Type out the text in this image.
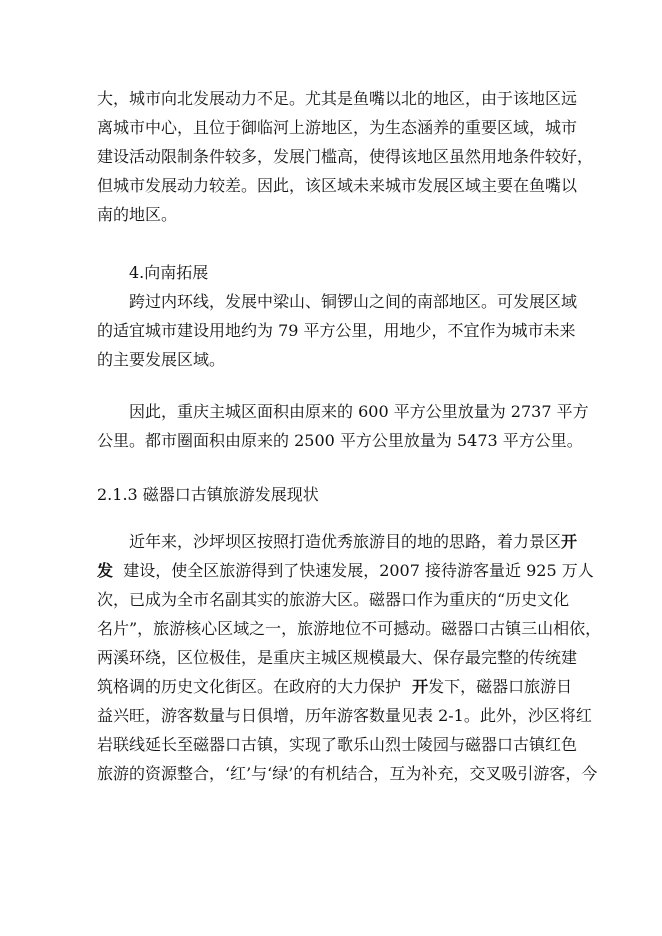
大，城市向北发展动力不足。尤其是鱼嘴以北的地区，由于该地区远
离城市中心，且位于御临河上游地区，为生态涵养的重要区域，城市
建设活动限制条件较多，发展门槛高，使得该地区虽然用地条件较好，
但城市发展动力较差。因此，该区域未来城市发展区域主要在鱼嘴以
南的地区。
4.向南拓展
跨过内环线，发展中梁山、铜锣山之间的南部地区。可发展区域
的适宜城市建设用地约为 79 平方公里，用地少，不宜作为城市未来
的主要发展区域。
因此，重庆主城区面积由原来的 600 平方公里放量为 2737 平方
公里。都市圈面积由原来的 2500 平方公里放量为 5473 平方公里。
2.1.3 磁器口古镇旅游发展现状
近年来，沙坪坝区按照打造优秀旅游目的地的思路，着力景区开
发  建设，使全区旅游得到了快速发展，2007 接待游客量近 925 万人
次，已成为全市名副其实的旅游大区。磁器口作为重庆的“历史文化
名片”，旅游核心区域之一，旅游地位不可撼动。磁器口古镇三山相依，
两溪环绕，区位极佳，是重庆主城区规模最大、保存最完整的传统建
筑格调的历史文化街区。在政府的大力保护  开发下，磁器口旅游日
益兴旺，游客数量与日俱增，历年游客数量见表 2-1。此外，沙区将红
岩联线延长至磁器口古镇，实现了歌乐山烈士陵园与磁器口古镇红色
旅游的资源整合，‘红’与‘绿’的有机结合，互为补充，交叉吸引游客，今
